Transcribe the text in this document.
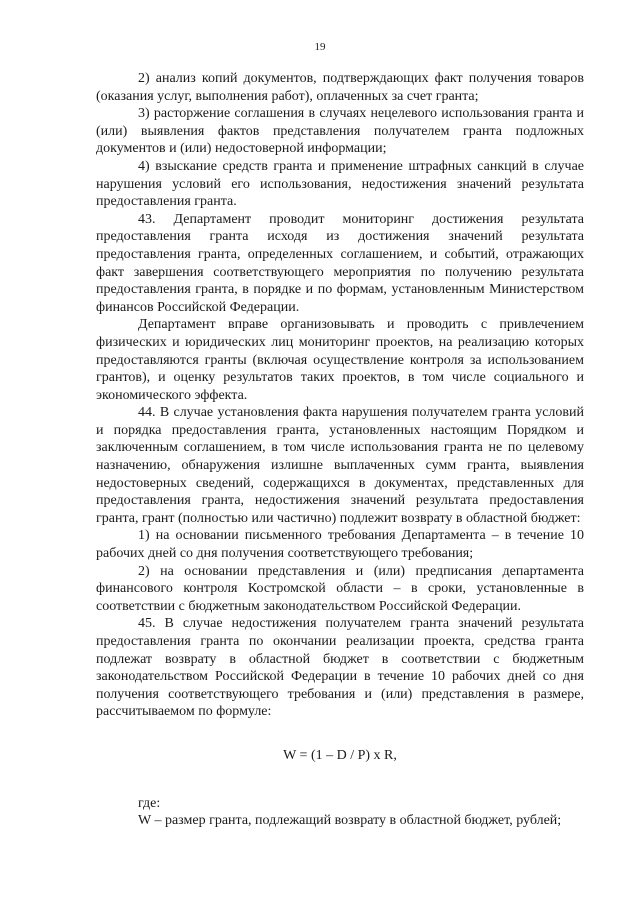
19

2) анализ копий документов, подтверждающих факт получения товаров (оказания услуг, выполнения работ), оплаченных за счет гранта;

3) расторжение соглашения в случаях нецелевого использования гранта и (или) выявления фактов представления получателем гранта подложных документов и (или) недостоверной информации;

4) взыскание средств гранта и применение штрафных санкций в случае нарушения условий его использования, недостижения значений результата предоставления гранта.

43. Департамент проводит мониторинг достижения результата предоставления гранта исходя из достижения значений результата предоставления гранта, определенных соглашением, и событий, отражающих факт завершения соответствующего мероприятия по получению результата предоставления гранта, в порядке и по формам, установленным Министерством финансов Российской Федерации.

Департамент вправе организовывать и проводить с привлечением физических и юридических лиц мониторинг проектов, на реализацию которых предоставляются гранты (включая осуществление контроля за использованием грантов), и оценку результатов таких проектов, в том числе социального и экономического эффекта.

44. В случае установления факта нарушения получателем гранта условий и порядка предоставления гранта, установленных настоящим Порядком и заключенным соглашением, в том числе использования гранта не по целевому назначению, обнаружения излишне выплаченных сумм гранта, выявления недостоверных сведений, содержащихся в документах, представленных для предоставления гранта, недостижения значений результата предоставления гранта, грант (полностью или частично) подлежит возврату в областной бюджет:

1) на основании письменного требования Департамента – в течение 10 рабочих дней со дня получения соответствующего требования;

2) на основании представления и (или) предписания департамента финансового контроля Костромской области – в сроки, установленные в соответствии с бюджетным законодательством Российской Федерации.

45. В случае недостижения получателем гранта значений результата предоставления гранта по окончании реализации проекта, средства гранта подлежат возврату в областной бюджет в соответствии с бюджетным законодательством Российской Федерации в течение 10 рабочих дней со дня получения соответствующего требования и (или) представления в размере, рассчитываемом по формуле:

W = (1 – D / P) x R,

где:

W – размер гранта, подлежащий возврату в областной бюджет, рублей;
